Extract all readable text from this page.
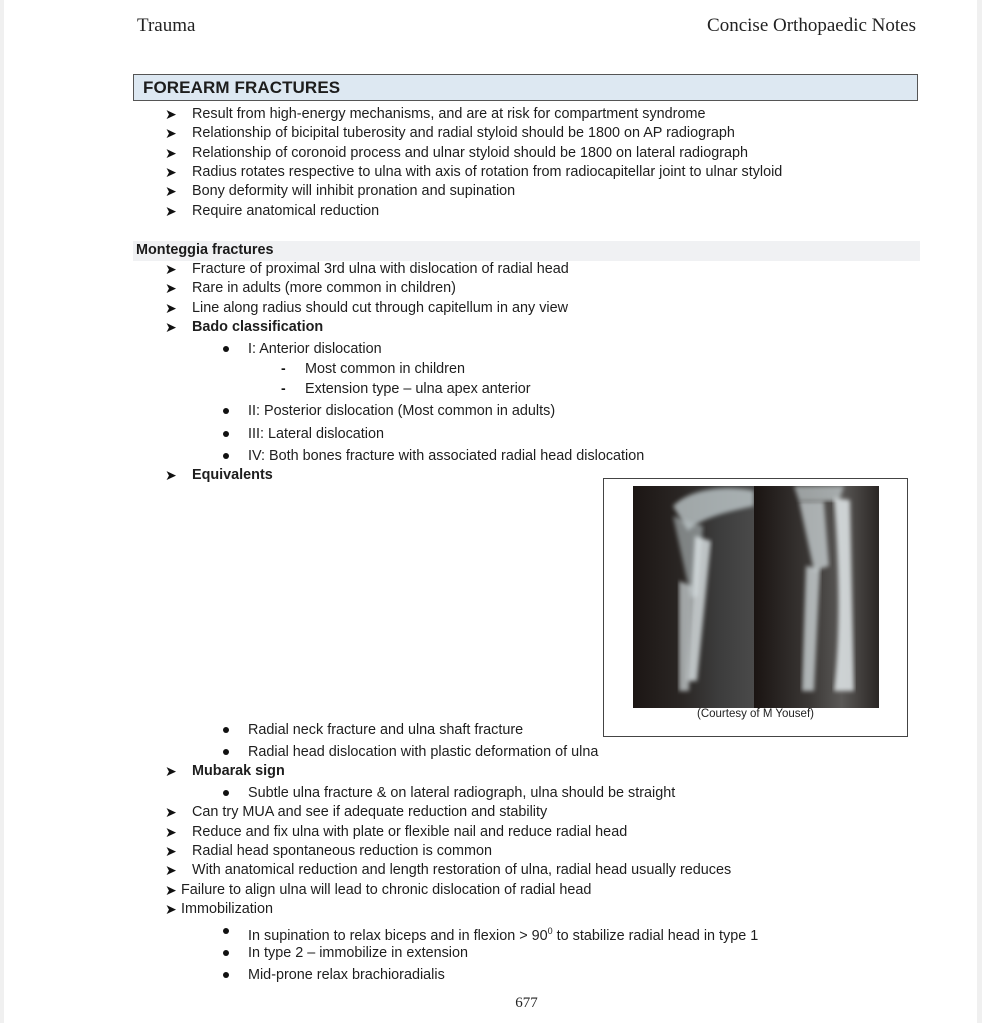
Trauma	Concise Orthopaedic Notes
FOREARM FRACTURES
➤ Result from high-energy mechanisms, and are at risk for compartment syndrome
➤ Relationship of bicipital tuberosity and radial styloid should be 1800 on AP radiograph
➤ Relationship of coronoid process and ulnar styloid should be 1800 on lateral radiograph
➤ Radius rotates respective to ulna with axis of rotation from radiocapitellar joint to ulnar styloid
➤ Bony deformity will inhibit pronation and supination
➤ Require anatomical reduction
Monteggia fractures
➤ Fracture of proximal 3rd ulna with dislocation of radial head
➤ Rare in adults (more common in children)
➤ Line along radius should cut through capitellum in any view
➤ Bado classification
I: Anterior dislocation
- Most common in children
- Extension type – ulna apex anterior
II: Posterior dislocation (Most common in adults)
III: Lateral dislocation
IV: Both bones fracture with associated radial head dislocation
➤ Equivalents
(Courtesy of M Yousef)
Radial neck fracture and ulna shaft fracture
Radial head dislocation with plastic deformation of ulna
➤ Mubarak sign
Subtle ulna fracture & on lateral radiograph, ulna should be straight
➤ Can try MUA and see if adequate reduction and stability
➤ Reduce and fix ulna with plate or flexible nail and reduce radial head
➤ Radial head spontaneous reduction is common
➤ With anatomical reduction and length restoration of ulna, radial head usually reduces
➤ Failure to align ulna will lead to chronic dislocation of radial head
➤ Immobilization
In supination to relax biceps and in flexion > $90^0$ to stabilize radial head in type 1
In type 2 – immobilize in extension
Mid-prone relax brachioradialis
677
